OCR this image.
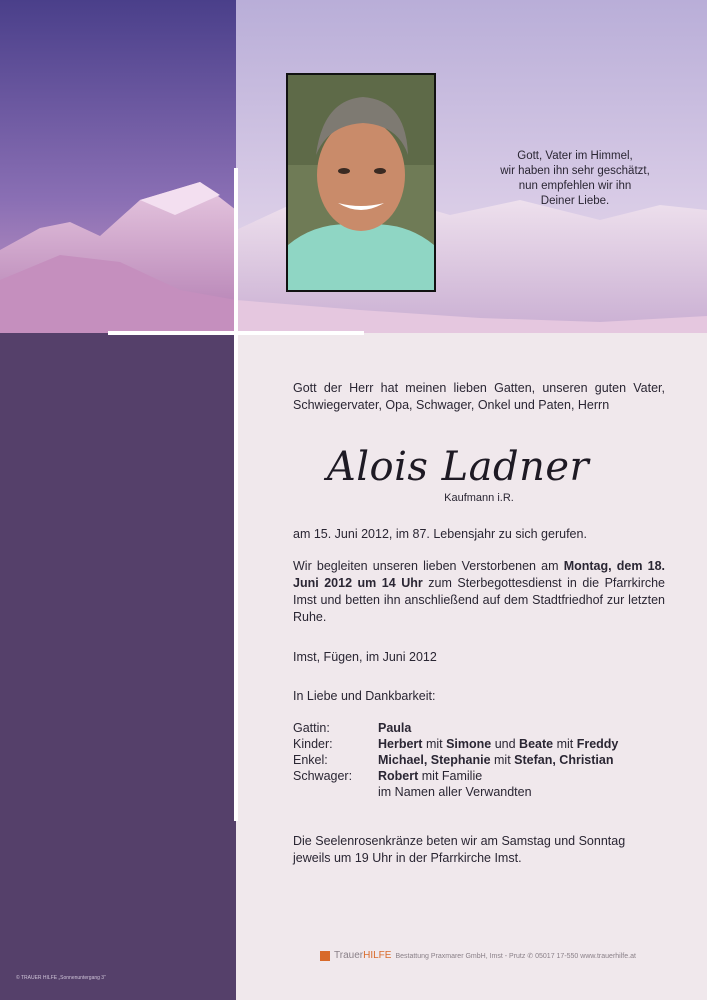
Gott, Vater im Himmel,
wir haben ihn sehr geschätzt,
nun empfehlen wir ihn
Deiner Liebe.
Gott der Herr hat meinen lieben Gatten, unseren guten Vater, Schwiegervater, Opa, Schwager, Onkel und Paten, Herrn
Alois Ladner
Kaufmann i.R.
am 15. Juni 2012, im 87. Lebensjahr zu sich gerufen.
Wir begleiten unseren lieben Verstorbenen am Montag, dem 18. Juni 2012 um 14 Uhr zum Sterbegottesdienst in die Pfarrkirche Imst und betten ihn anschließend auf dem Stadtfriedhof zur letzten Ruhe.
Imst, Fügen, im Juni 2012
In Liebe und Dankbarkeit:
Gattin:	Paula
Kinder:	Herbert mit Simone und Beate mit Freddy
Enkel:	Michael, Stephanie mit Stefan, Christian
Schwager:	Robert mit Familie
im Namen aller Verwandten
Die Seelenrosenkränze beten wir am Samstag und Sonntag jeweils um 19 Uhr in der Pfarrkirche Imst.
TrauerHILFE Bestattung Praxmarer GmbH, Imst - Prutz ✆ 05017 17-550 www.trauerhilfe.at
© TRAUER HILFE „Sonnenuntergang 3“
